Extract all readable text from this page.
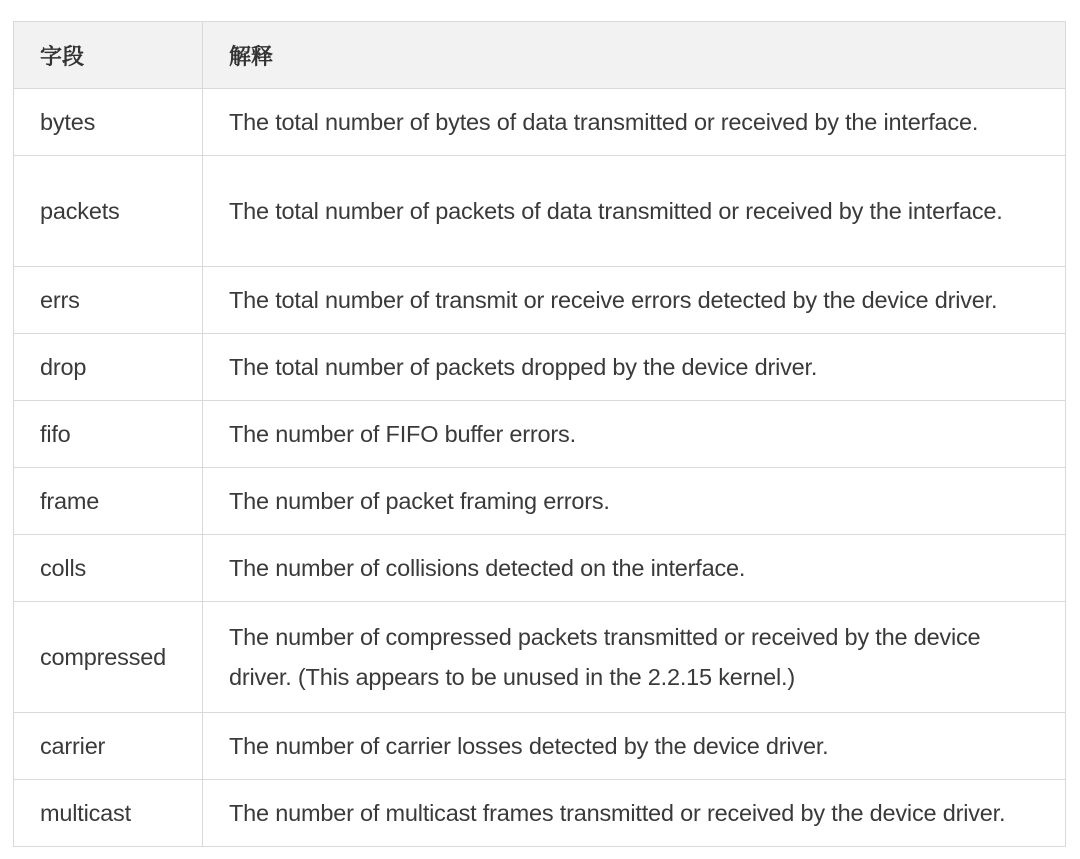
字段	解释
bytes	The total number of bytes of data transmitted or received by the interface.
packets	The total number of packets of data transmitted or received by the interface.
errs	The total number of transmit or receive errors detected by the device driver.
drop	The total number of packets dropped by the device driver.
fifo	The number of FIFO buffer errors.
frame	The number of packet framing errors.
colls	The number of collisions detected on the interface.
compressed	The number of compressed packets transmitted or received by the device driver. (This appears to be unused in the 2.2.15 kernel.)
carrier	The number of carrier losses detected by the device driver.
multicast	The number of multicast frames transmitted or received by the device driver.
